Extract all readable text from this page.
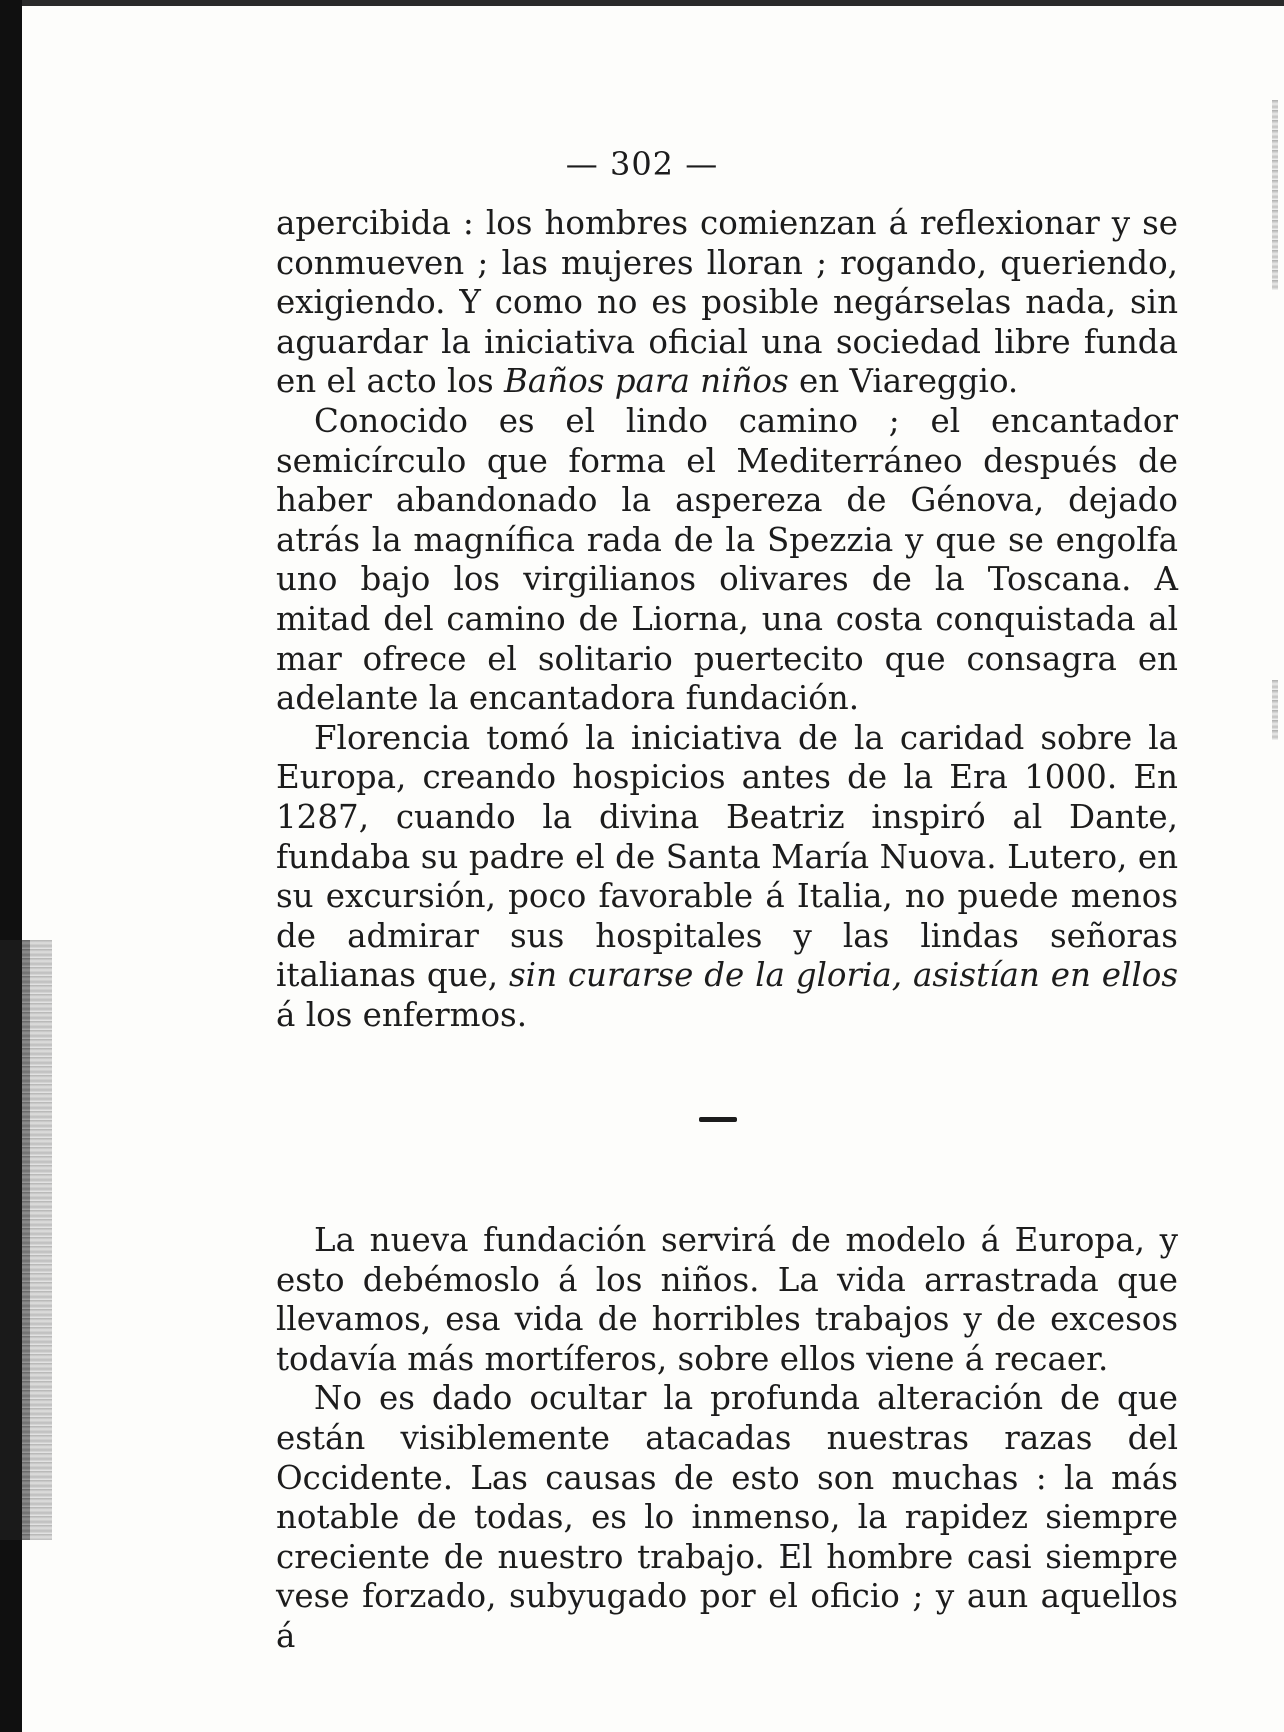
— 302 —

apercibida : los hombres comienzan á reflexionar y se conmueven ; las mujeres lloran ; rogando, queriendo, exigiendo. Y como no es posible negárselas nada, sin aguardar la iniciativa oficial una sociedad libre funda en el acto los Baños para niños en Viareggio.

Conocido es el lindo camino ; el encantador semicírculo que forma el Mediterráneo después de haber abandonado la aspereza de Génova, dejado atrás la magnífica rada de la Spezzia y que se engolfa uno bajo los virgilianos olivares de la Toscana. A mitad del camino de Liorna, una costa conquistada al mar ofrece el solitario puertecito que consagra en adelante la encantadora fundación.

Florencia tomó la iniciativa de la caridad sobre la Europa, creando hospicios antes de la Era 1000. En 1287, cuando la divina Beatriz inspiró al Dante, fundaba su padre el de Santa María Nuova. Lutero, en su excursión, poco favorable á Italia, no puede menos de admirar sus hospitales y las lindas señoras italianas que, sin curarse de la gloria, asistían en ellos á los enfermos.

La nueva fundación servirá de modelo á Europa, y esto debémoslo á los niños. La vida arrastrada que llevamos, esa vida de horribles trabajos y de excesos todavía más mortíferos, sobre ellos viene á recaer.

No es dado ocultar la profunda alteración de que están visiblemente atacadas nuestras razas del Occidente. Las causas de esto son muchas : la más notable de todas, es lo inmenso, la rapidez siempre creciente de nuestro trabajo. El hombre casi siempre vese forzado, subyugado por el oficio ; y aun aquellos á
